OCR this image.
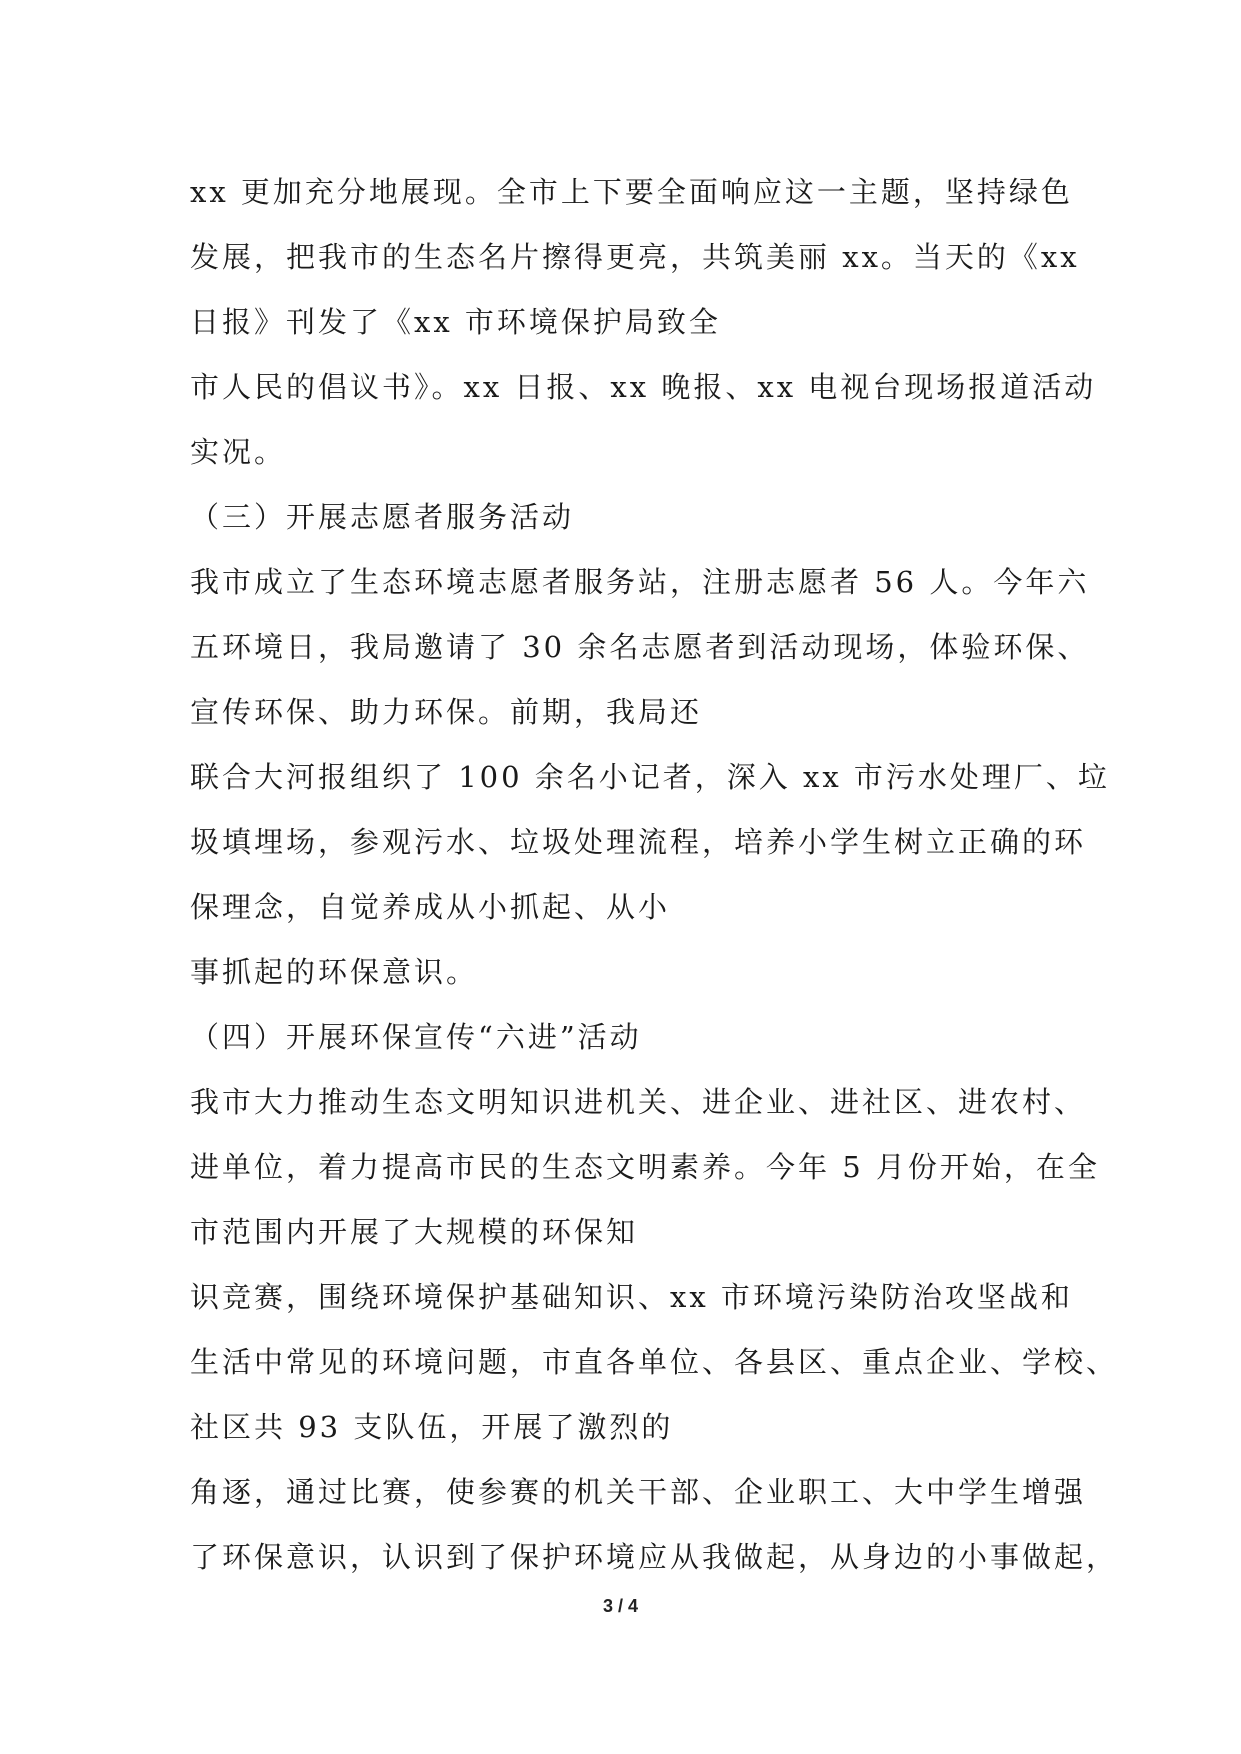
xx 更加充分地展现。全市上下要全面响应这一主题，坚持绿色
发展，把我市的生态名片擦得更亮，共筑美丽 xx。当天的《xx
日报》刊发了《xx 市环境保护局致全
市人民的倡议书》。xx 日报、xx 晚报、xx 电视台现场报道活动
实况。
（三）开展志愿者服务活动
我市成立了生态环境志愿者服务站，注册志愿者 56 人。今年六
五环境日，我局邀请了 30 余名志愿者到活动现场，体验环保、
宣传环保、助力环保。前期，我局还
联合大河报组织了 100 余名小记者，深入 xx 市污水处理厂、垃
圾填埋场，参观污水、垃圾处理流程，培养小学生树立正确的环
保理念，自觉养成从小抓起、从小
事抓起的环保意识。
（四）开展环保宣传“六进”活动
我市大力推动生态文明知识进机关、进企业、进社区、进农村、
进单位，着力提高市民的生态文明素养。今年 5 月份开始，在全
市范围内开展了大规模的环保知
识竞赛，围绕环境保护基础知识、xx 市环境污染防治攻坚战和
生活中常见的环境问题，市直各单位、各县区、重点企业、学校、
社区共 93 支队伍，开展了激烈的
角逐，通过比赛，使参赛的机关干部、企业职工、大中学生增强
了环保意识，认识到了保护环境应从我做起，从身边的小事做起，
3 / 4
